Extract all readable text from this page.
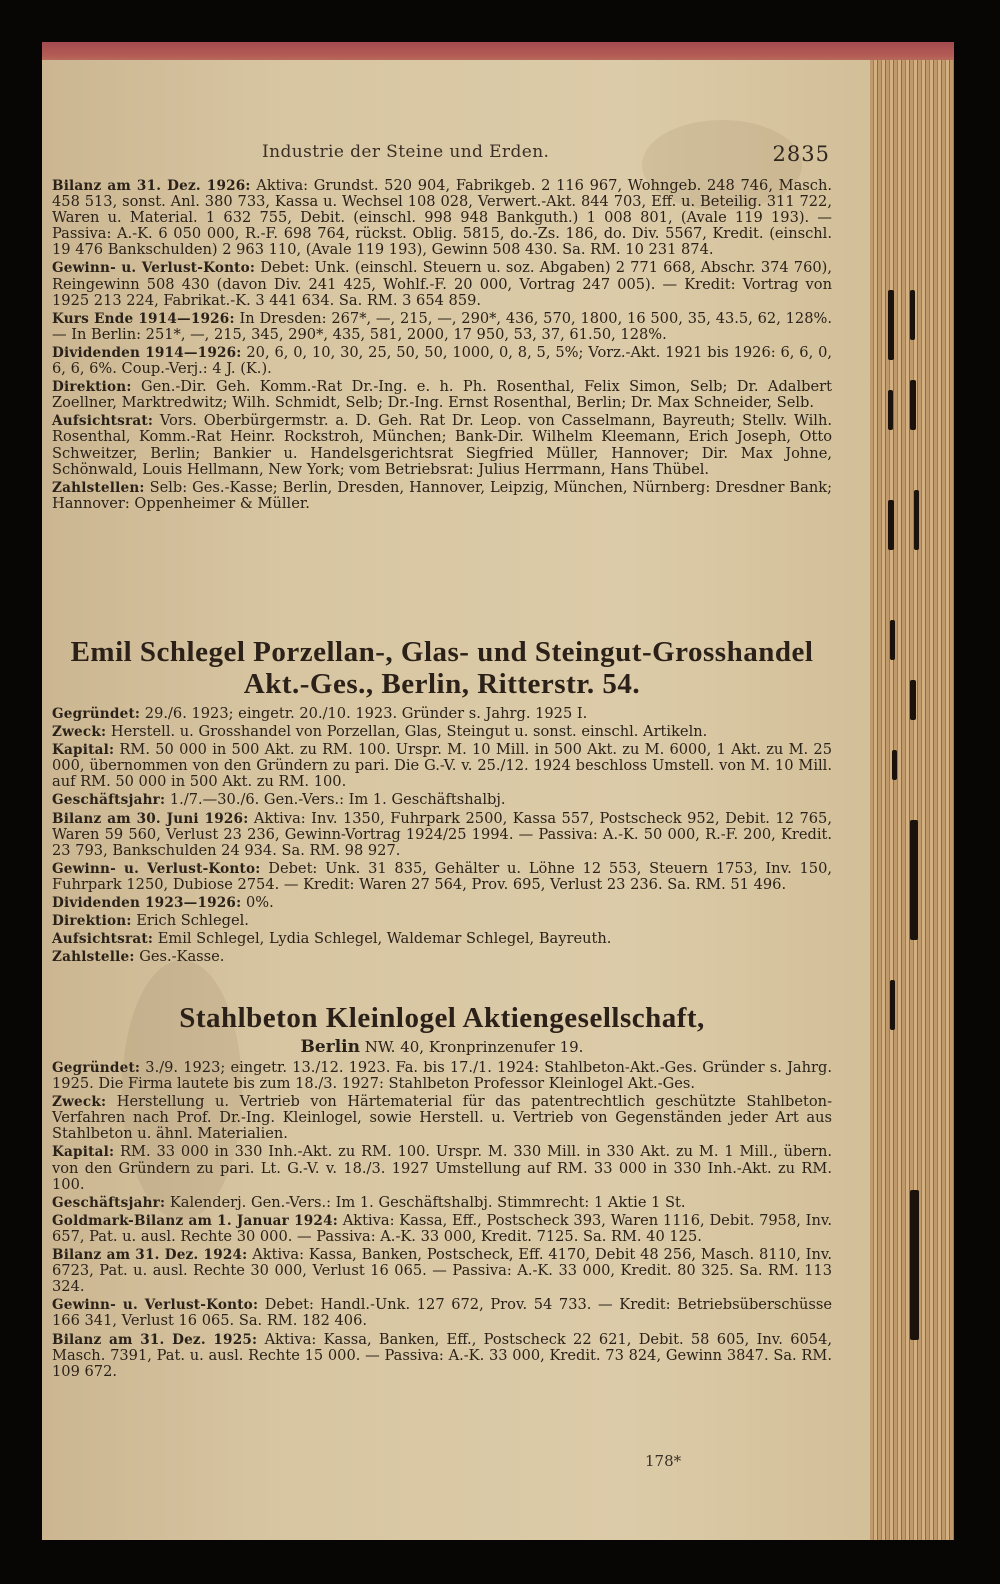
Industrie der Steine und Erden.	2835
Bilanz am 31. Dez. 1926: Aktiva: Grundst. 520 904, Fabrikgeb. 2 116 967, Wohngeb. 248 746, Masch. 458 513, sonst. Anl. 380 733, Kassa u. Wechsel 108 028, Verwert.-Akt. 844 703, Eff. u. Beteilig. 311 722, Waren u. Material. 1 632 755, Debit. (einschl. 998 948 Bankguth.) 1 008 801, (Avale 119 193). — Passiva: A.-K. 6 050 000, R.-F. 698 764, rückst. Oblig. 5815, do.-Zs. 186, do. Div. 5567, Kredit. (einschl. 19 476 Bankschulden) 2 963 110, (Avale 119 193), Gewinn 508 430. Sa. RM. 10 231 874.
Gewinn- u. Verlust-Konto: Debet: Unk. (einschl. Steuern u. soz. Abgaben) 2 771 668, Abschr. 374 760), Reingewinn 508 430 (davon Div. 241 425, Wohlf.-F. 20 000, Vortrag 247 005). — Kredit: Vortrag von 1925 213 224, Fabrikat.-K. 3 441 634. Sa. RM. 3 654 859.
Kurs Ende 1914—1926: In Dresden: 267*, —, 215, —, 290*, 436, 570, 1800, 16 500, 35, 43.5, 62, 128%. — In Berlin: 251*, —, 215, 345, 290*, 435, 581, 2000, 17 950, 53, 37, 61.50, 128%.
Dividenden 1914—1926: 20, 6, 0, 10, 30, 25, 50, 50, 1000, 0, 8, 5, 5%; Vorz.-Akt. 1921 bis 1926: 6, 6, 0, 6, 6, 6%. Coup.-Verj.: 4 J. (K.).
Direktion: Gen.-Dir. Geh. Komm.-Rat Dr.-Ing. e. h. Ph. Rosenthal, Felix Simon, Selb; Dr. Adalbert Zoellner, Marktredwitz; Wilh. Schmidt, Selb; Dr.-Ing. Ernst Rosenthal, Berlin; Dr. Max Schneider, Selb.
Aufsichtsrat: Vors. Oberbürgermstr. a. D. Geh. Rat Dr. Leop. von Casselmann, Bayreuth; Stellv. Wilh. Rosenthal, Komm.-Rat Heinr. Rockstroh, München; Bank-Dir. Wilhelm Kleemann, Erich Joseph, Otto Schweitzer, Berlin; Bankier u. Handelsgerichtsrat Siegfried Müller, Hannover; Dir. Max Johne, Schönwald, Louis Hellmann, New York; vom Betriebsrat: Julius Herrmann, Hans Thübel.
Zahlstellen: Selb: Ges.-Kasse; Berlin, Dresden, Hannover, Leipzig, München, Nürnberg: Dresdner Bank; Hannover: Oppenheimer & Müller.
Emil Schlegel Porzellan-, Glas- und Steingut-Grosshandel
Akt.-Ges., Berlin, Ritterstr. 54.
Gegründet: 29./6. 1923; eingetr. 20./10. 1923. Gründer s. Jahrg. 1925 I.
Zweck: Herstell. u. Grosshandel von Porzellan, Glas, Steingut u. sonst. einschl. Artikeln.
Kapital: RM. 50 000 in 500 Akt. zu RM. 100. Urspr. M. 10 Mill. in 500 Akt. zu M. 6000, 1 Akt. zu M. 25 000, übernommen von den Gründern zu pari. Die G.-V. v. 25./12. 1924 beschloss Umstell. von M. 10 Mill. auf RM. 50 000 in 500 Akt. zu RM. 100.
Geschäftsjahr: 1./7.—30./6. Gen.-Vers.: Im 1. Geschäftshalbj.
Bilanz am 30. Juni 1926: Aktiva: Inv. 1350, Fuhrpark 2500, Kassa 557, Postscheck 952, Debit. 12 765, Waren 59 560, Verlust 23 236, Gewinn-Vortrag 1924/25 1994. — Passiva: A.-K. 50 000, R.-F. 200, Kredit. 23 793, Bankschulden 24 934. Sa. RM. 98 927.
Gewinn- u. Verlust-Konto: Debet: Unk. 31 835, Gehälter u. Löhne 12 553, Steuern 1753, Inv. 150, Fuhrpark 1250, Dubiose 2754. — Kredit: Waren 27 564, Prov. 695, Verlust 23 236. Sa. RM. 51 496.
Dividenden 1923—1926: 0%.
Direktion: Erich Schlegel.
Aufsichtsrat: Emil Schlegel, Lydia Schlegel, Waldemar Schlegel, Bayreuth.
Zahlstelle: Ges.-Kasse.
Stahlbeton Kleinlogel Aktiengesellschaft,
Berlin NW. 40, Kronprinzenufer 19.
Gegründet: 3./9. 1923; eingetr. 13./12. 1923. Fa. bis 17./1. 1924: Stahlbeton-Akt.-Ges. Gründer s. Jahrg. 1925. Die Firma lautete bis zum 18./3. 1927: Stahlbeton Professor Kleinlogel Akt.-Ges.
Zweck: Herstellung u. Vertrieb von Härtematerial für das patentrechtlich geschützte Stahlbeton-Verfahren nach Prof. Dr.-Ing. Kleinlogel, sowie Herstell. u. Vertrieb von Gegenständen jeder Art aus Stahlbeton u. ähnl. Materialien.
Kapital: RM. 33 000 in 330 Inh.-Akt. zu RM. 100. Urspr. M. 330 Mill. in 330 Akt. zu M. 1 Mill., übern. von den Gründern zu pari. Lt. G.-V. v. 18./3. 1927 Umstellung auf RM. 33 000 in 330 Inh.-Akt. zu RM. 100.
Geschäftsjahr: Kalenderj. Gen.-Vers.: Im 1. Geschäftshalbj. Stimmrecht: 1 Aktie 1 St.
Goldmark-Bilanz am 1. Januar 1924: Aktiva: Kassa, Eff., Postscheck 393, Waren 1116, Debit. 7958, Inv. 657, Pat. u. ausl. Rechte 30 000. — Passiva: A.-K. 33 000, Kredit. 7125. Sa. RM. 40 125.
Bilanz am 31. Dez. 1924: Aktiva: Kassa, Banken, Postscheck, Eff. 4170, Debit 48 256, Masch. 8110, Inv. 6723, Pat. u. ausl. Rechte 30 000, Verlust 16 065. — Passiva: A.-K. 33 000, Kredit. 80 325. Sa. RM. 113 324.
Gewinn- u. Verlust-Konto: Debet: Handl.-Unk. 127 672, Prov. 54 733. — Kredit: Betriebsüberschüsse 166 341, Verlust 16 065. Sa. RM. 182 406.
Bilanz am 31. Dez. 1925: Aktiva: Kassa, Banken, Eff., Postscheck 22 621, Debit. 58 605, Inv. 6054, Masch. 7391, Pat. u. ausl. Rechte 15 000. — Passiva: A.-K. 33 000, Kredit. 73 824, Gewinn 3847. Sa. RM. 109 672.
178*
